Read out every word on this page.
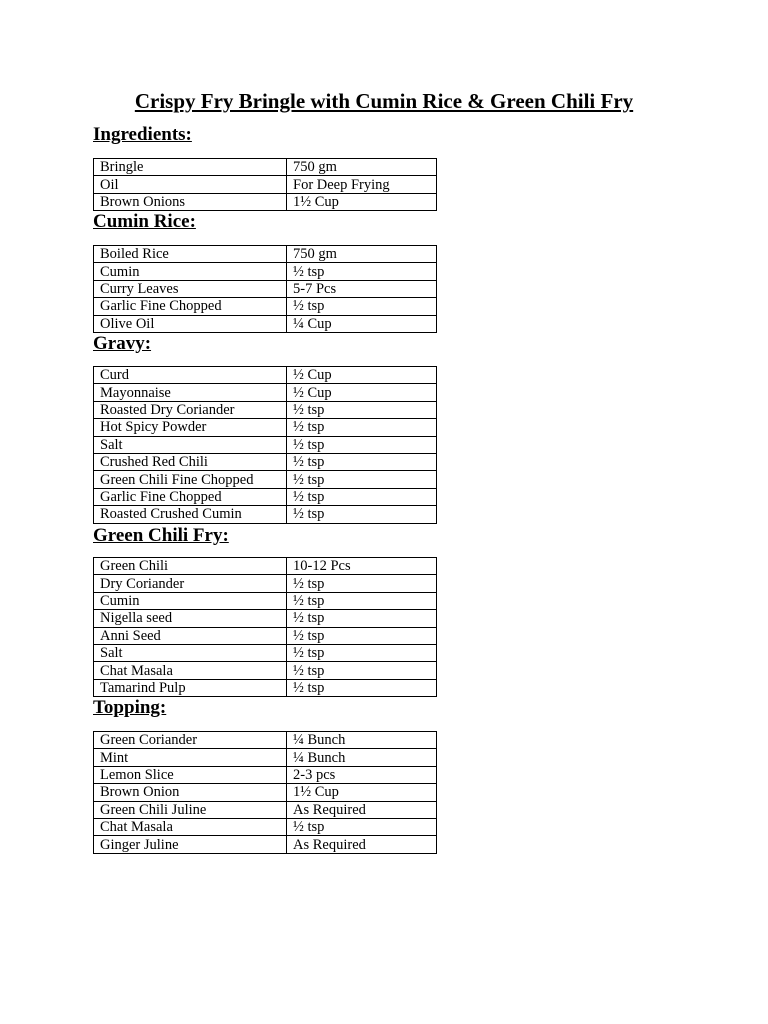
Crispy Fry Bringle with Cumin Rice & Green Chili Fry
Ingredients:
Bringle	750 gm
Oil	For Deep Frying
Brown Onions	1½ Cup
Cumin Rice:
Boiled Rice	750 gm
Cumin	½ tsp
Curry Leaves	5-7 Pcs
Garlic Fine Chopped	½ tsp
Olive Oil	¼ Cup
Gravy:
Curd	½ Cup
Mayonnaise	½ Cup
Roasted Dry Coriander	½ tsp
Hot Spicy Powder	½ tsp
Salt	½ tsp
Crushed Red Chili	½ tsp
Green Chili Fine Chopped	½ tsp
Garlic Fine Chopped	½ tsp
Roasted Crushed Cumin	½ tsp
Green Chili Fry:
Green Chili	10-12 Pcs
Dry Coriander	½ tsp
Cumin	½ tsp
Nigella seed	½ tsp
Anni Seed	½ tsp
Salt	½ tsp
Chat Masala	½ tsp
Tamarind Pulp	½ tsp
Topping:
Green Coriander	¼ Bunch
Mint	¼ Bunch
Lemon Slice	2-3 pcs
Brown Onion	1½ Cup
Green Chili Juline	As Required
Chat Masala	½ tsp
Ginger Juline	As Required
